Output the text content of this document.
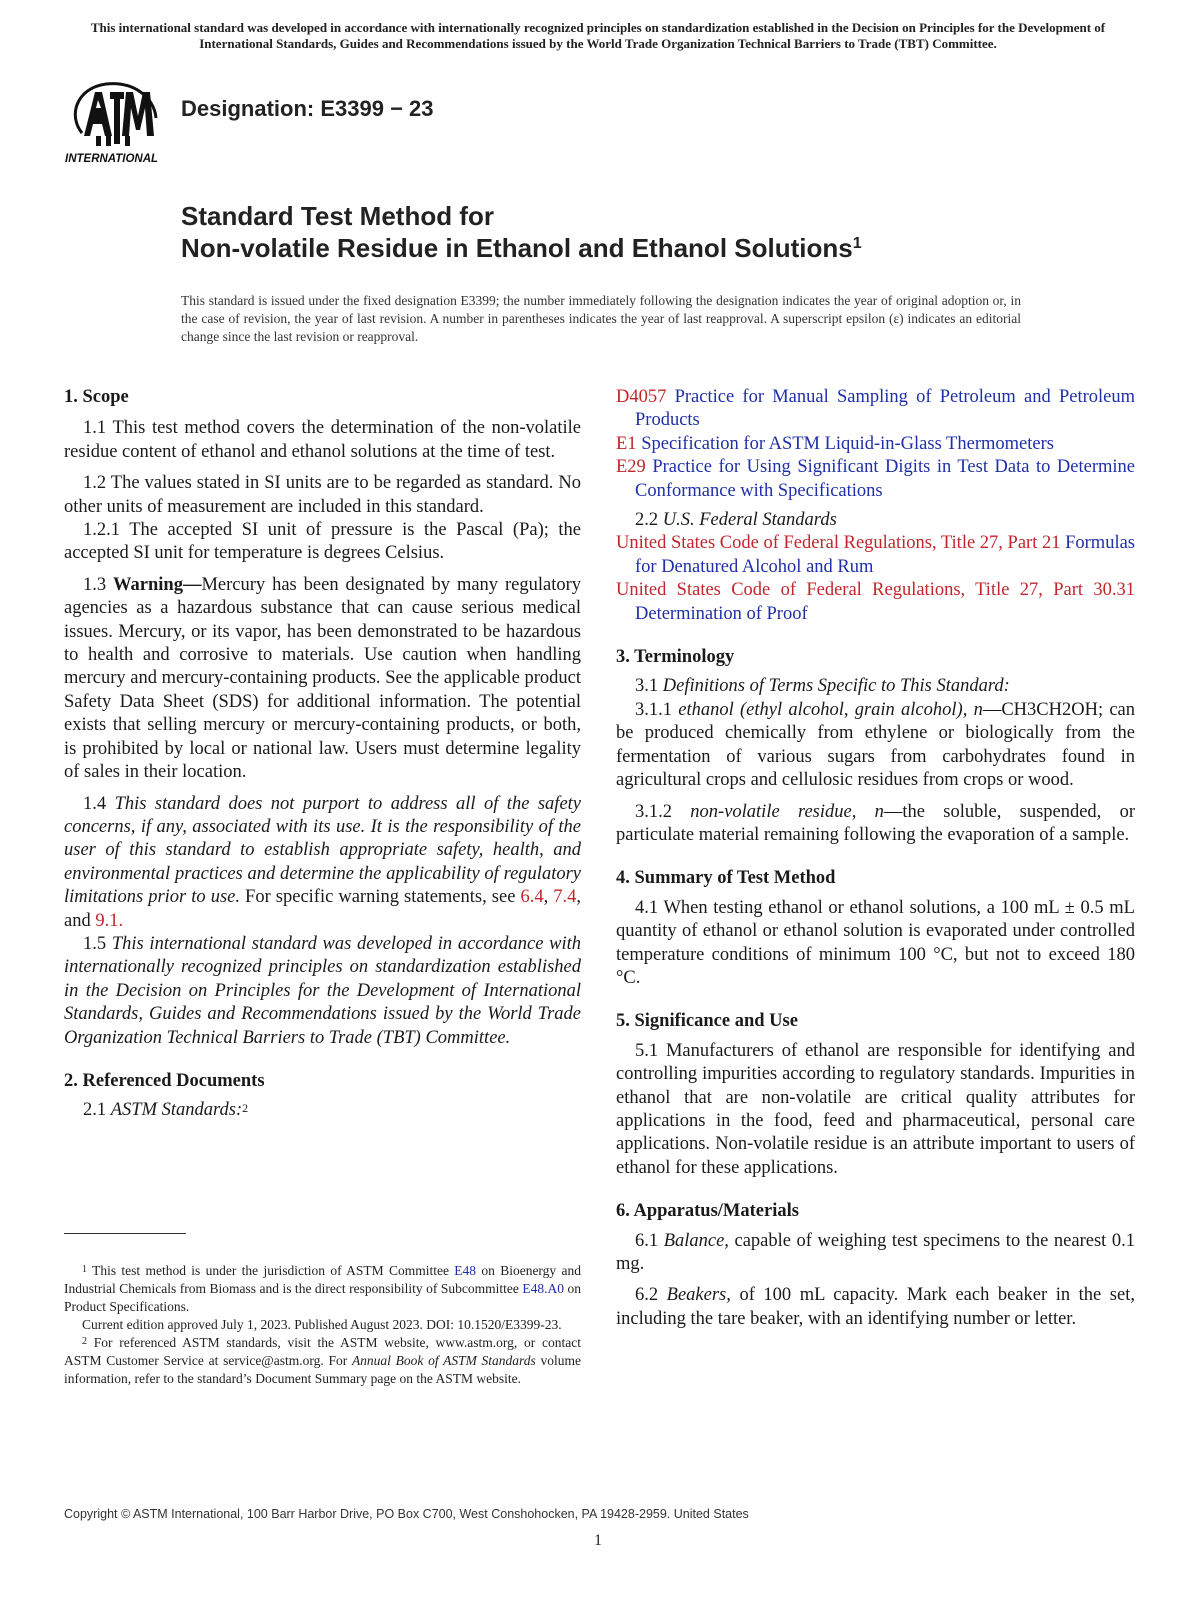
This international standard was developed in accordance with internationally recognized principles on standardization established in the Decision on Principles for the Development of International Standards, Guides and Recommendations issued by the World Trade Organization Technical Barriers to Trade (TBT) Committee.
INTERNATIONAL
Designation: E3399 − 23
Standard Test Method for
Non-volatile Residue in Ethanol and Ethanol Solutions$^1$
This standard is issued under the fixed designation E3399; the number immediately following the designation indicates the year of original adoption or, in the case of revision, the year of last revision. A number in parentheses indicates the year of last reapproval. A superscript epsilon (ε) indicates an editorial change since the last revision or reapproval.

1. Scope

1.1 This test method covers the determination of the non-volatile residue content of ethanol and ethanol solutions at the time of test.

1.2 The values stated in SI units are to be regarded as standard. No other units of measurement are included in this standard.

1.2.1 The accepted SI unit of pressure is the Pascal (Pa); the accepted SI unit for temperature is degrees Celsius.

1.3 Warning—Mercury has been designated by many regulatory agencies as a hazardous substance that can cause serious medical issues. Mercury, or its vapor, has been demonstrated to be hazardous to health and corrosive to materials. Use caution when handling mercury and mercury-containing products. See the applicable product Safety Data Sheet (SDS) for additional information. The potential exists that selling mercury or mercury-containing products, or both, is prohibited by local or national law. Users must determine legality of sales in their location.

1.4 This standard does not purport to address all of the safety concerns, if any, associated with its use. It is the responsibility of the user of this standard to establish appropriate safety, health, and environmental practices and determine the applicability of regulatory limitations prior to use. For specific warning statements, see 6.4, 7.4, and 9.1.

1.5 This international standard was developed in accordance with internationally recognized principles on standardization established in the Decision on Principles for the Development of International Standards, Guides and Recommendations issued by the World Trade Organization Technical Barriers to Trade (TBT) Committee.

2. Referenced Documents

2.1 ASTM Standards:$^2$

D4057 Practice for Manual Sampling of Petroleum and Petroleum Products

E1 Specification for ASTM Liquid-in-Glass Thermometers

E29 Practice for Using Significant Digits in Test Data to Determine Conformance with Specifications

2.2 U.S. Federal Standards

United States Code of Federal Regulations, Title 27, Part 21 Formulas for Denatured Alcohol and Rum

United States Code of Federal Regulations, Title 27, Part 30.31 Determination of Proof

3. Terminology

3.1 Definitions of Terms Specific to This Standard:

3.1.1 ethanol (ethyl alcohol, grain alcohol), n—CH3CH2OH; can be produced chemically from ethylene or biologically from the fermentation of various sugars from carbohydrates found in agricultural crops and cellulosic residues from crops or wood.

3.1.2 non-volatile residue, n—the soluble, suspended, or particulate material remaining following the evaporation of a sample.

4. Summary of Test Method

4.1 When testing ethanol or ethanol solutions, a 100 mL ± 0.5 mL quantity of ethanol or ethanol solution is evaporated under controlled temperature conditions of minimum 100 °C, but not to exceed 180 °C.

5. Significance and Use

5.1 Manufacturers of ethanol are responsible for identifying and controlling impurities according to regulatory standards. Impurities in ethanol that are non-volatile are critical quality attributes for applications in the food, feed and pharmaceutical, personal care applications. Non-volatile residue is an attribute important to users of ethanol for these applications.

6. Apparatus/Materials

6.1 Balance, capable of weighing test specimens to the nearest 0.1 mg.

6.2 Beakers, of 100 mL capacity. Mark each beaker in the set, including the tare beaker, with an identifying number or letter.

$^1$ This test method is under the jurisdiction of ASTM Committee E48 on Bioenergy and Industrial Chemicals from Biomass and is the direct responsibility of Subcommittee E48.A0 on Product Specifications.

Current edition approved July 1, 2023. Published August 2023. DOI: 10.1520/E3399-23.

$^2$ For referenced ASTM standards, visit the ASTM website, www.astm.org, or contact ASTM Customer Service at service@astm.org. For Annual Book of ASTM Standards volume information, refer to the standard’s Document Summary page on the ASTM website.

Copyright © ASTM International, 100 Barr Harbor Drive, PO Box C700, West Conshohocken, PA 19428-2959. United States
1
